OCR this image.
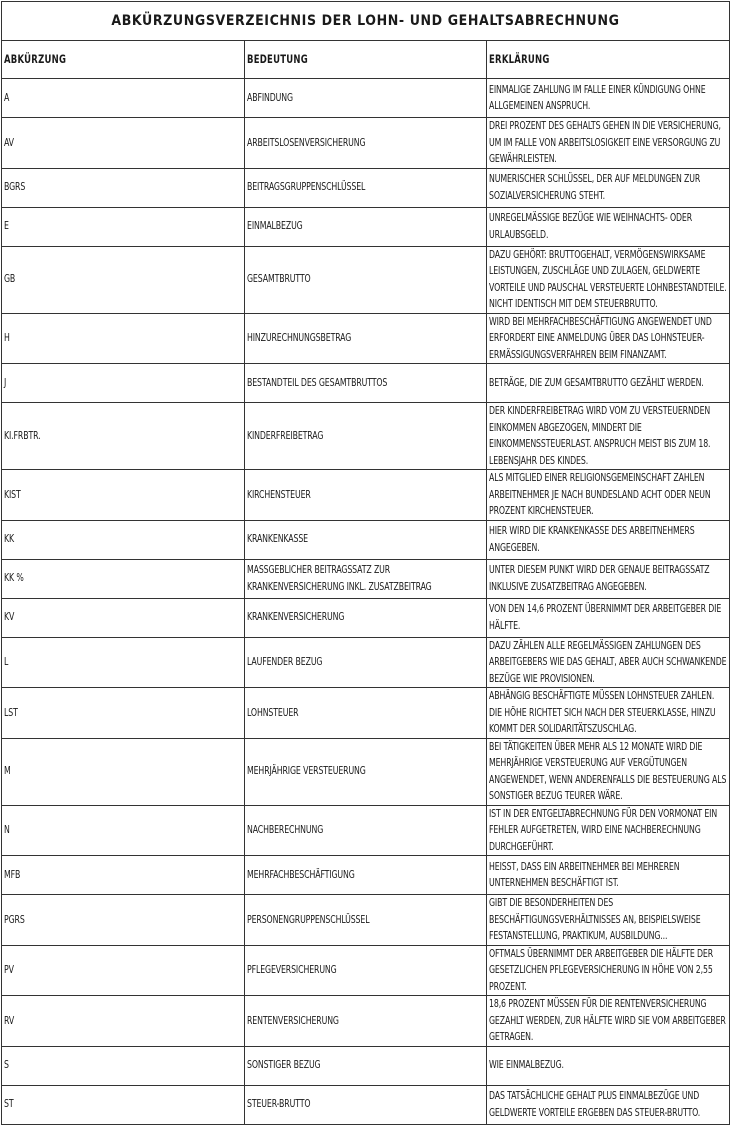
ABKÜRZUNGSVERZEICHNIS DER LOHN- UND GEHALTSABRECHNUNG		
ABKÜRZUNG	BEDEUTUNG	ERKLÄRUNG
A	ABFINDUNG	EINMALIGE ZAHLUNG IM FALLE EINER KÜNDIGUNG OHNE ALLGEMEINEN ANSPRUCH.
AV	ARBEITSLOSENVERSICHERUNG	DREI PROZENT DES GEHALTS GEHEN IN DIE VERSICHERUNG, UM IM FALLE VON ARBEITSLOSIGKEIT EINE VERSORGUNG ZU GEWÄHRLEISTEN.
BGRS	BEITRAGSGRUPPENSCHLÜSSEL	NUMERISCHER SCHLÜSSEL, DER AUF MELDUNGEN ZUR SOZIALVERSICHERUNG STEHT.
E	EINMALBEZUG	UNREGELMÄSSIGE BEZÜGE WIE WEIHNACHTS- ODER URLAUBSGELD.
GB	GESAMTBRUTTO	DAZU GEHÖRT: BRUTTOGEHALT, VERMÖGENSWIRKSAME LEISTUNGEN, ZUSCHLÄGE UND ZULAGEN, GELDWERTE VORTEILE UND PAUSCHAL VERSTEUERTE LOHNBESTANDTEILE. NICHT IDENTISCH MIT DEM STEUERBRUTTO.
H	HINZURECHNUNGSBETRAG	WIRD BEI MEHRFACHBESCHÄFTIGUNG ANGEWENDET UND ERFORDERT EINE ANMELDUNG ÜBER DAS LOHNSTEUER-ERMÄSSIGUNGSVERFAHREN BEIM FINANZAMT.
J	BESTANDTEIL DES GESAMTBRUTTOS	BETRÄGE, DIE ZUM GESAMTBRUTTO GEZÄHLT WERDEN.
KI.FRBTR.	KINDERFREIBETRAG	DER KINDERFREIBETRAG WIRD VOM ZU VERSTEUERNDEN EINKOMMEN ABGEZOGEN, MINDERT DIE EINKOMMENSSTEUERLAST. ANSPRUCH MEIST BIS ZUM 18. LEBENSJAHR DES KINDES.
KIST	KIRCHENSTEUER	ALS MITGLIED EINER RELIGIONSGEMEINSCHAFT ZAHLEN ARBEITNEHMER JE NACH BUNDESLAND ACHT ODER NEUN PROZENT KIRCHENSTEUER.
KK	KRANKENKASSE	HIER WIRD DIE KRANKENKASSE DES ARBEITNEHMERS ANGEGEBEN.
KK %	MASSGEBLICHER BEITRAGSSATZ ZUR KRANKENVERSICHERUNG INKL. ZUSATZBEITRAG	UNTER DIESEM PUNKT WIRD DER GENAUE BEITRAGSSATZ INKLUSIVE ZUSATZBEITRAG ANGEGEBEN.
KV	KRANKENVERSICHERUNG	VON DEN 14,6 PROZENT ÜBERNIMMT DER ARBEITGEBER DIE HÄLFTE.
L	LAUFENDER BEZUG	DAZU ZÄHLEN ALLE REGELMÄSSIGEN ZAHLUNGEN DES ARBEITGEBERS WIE DAS GEHALT, ABER AUCH SCHWANKENDE BEZÜGE WIE PROVISIONEN.
LST	LOHNSTEUER	ABHÄNGIG BESCHÄFTIGTE MÜSSEN LOHNSTEUER ZAHLEN. DIE HÖHE RICHTET SICH NACH DER STEUERKLASSE, HINZU KOMMT DER SOLIDARITÄTSZUSCHLAG.
M	MEHRJÄHRIGE VERSTEUERUNG	BEI TÄTIGKEITEN ÜBER MEHR ALS 12 MONATE WIRD DIE MEHRJÄHRIGE VERSTEUERUNG AUF VERGÜTUNGEN ANGEWENDET, WENN ANDERENFALLS DIE BESTEUERUNG ALS SONSTIGER BEZUG TEURER WÄRE.
N	NACHBERECHNUNG	IST IN DER ENTGELTABRECHNUNG FÜR DEN VORMONAT EIN FEHLER AUFGETRETEN, WIRD EINE NACHBERECHNUNG DURCHGEFÜHRT.
MFB	MEHRFACHBESCHÄFTIGUNG	HEISST, DASS EIN ARBEITNEHMER BEI MEHREREN UNTERNEHMEN BESCHÄFTIGT IST.
PGRS	PERSONENGRUPPENSCHLÜSSEL	GIBT DIE BESONDERHEITEN DES BESCHÄFTIGUNGSVERHÄLTNISSES AN, BEISPIELSWEISE FESTANSTELLUNG, PRAKTIKUM, AUSBILDUNG...
PV	PFLEGEVERSICHERUNG	OFTMALS ÜBERNIMMT DER ARBEITGEBER DIE HÄLFTE DER GESETZLICHEN PFLEGEVERSICHERUNG IN HÖHE VON 2,55 PROZENT.
RV	RENTENVERSICHERUNG	18,6 PROZENT MÜSSEN FÜR DIE RENTENVERSICHERUNG GEZAHLT WERDEN, ZUR HÄLFTE WIRD SIE VOM ARBEITGEBER GETRAGEN.
S	SONSTIGER BEZUG	WIE EINMALBEZUG.
ST	STEUER-BRUTTO	DAS TATSÄCHLICHE GEHALT PLUS EINMALBEZÜGE UND GELDWERTE VORTEILE ERGEBEN DAS STEUER-BRUTTO.
